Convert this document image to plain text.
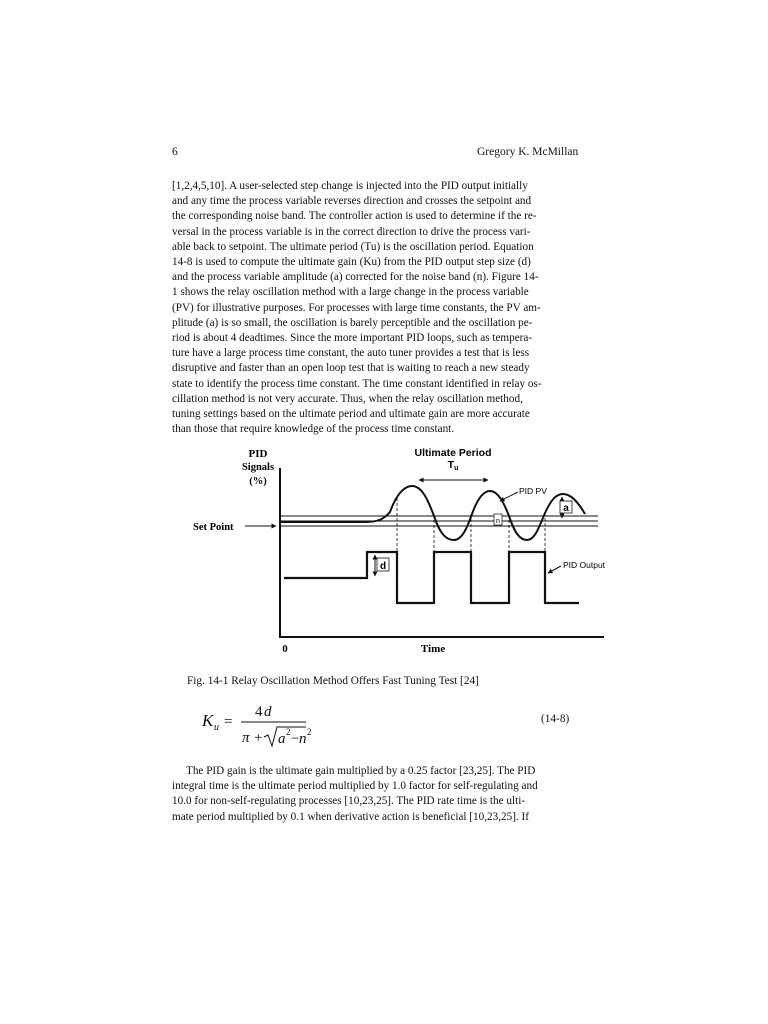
6	Gregory K. McMillan
[1,2,4,5,10]. A user-selected step change is injected into the PID output initially
and any time the process variable reverses direction and crosses the setpoint and
the corresponding noise band. The controller action is used to determine if the re-
versal in the process variable is in the correct direction to drive the process vari-
able back to setpoint. The ultimate period (Tu) is the oscillation period. Equation
14-8 is used to compute the ultimate gain (Ku) from the PID output step size (d)
and the process variable amplitude (a) corrected for the noise band (n). Figure 14-
1 shows the relay oscillation method with a large change in the process variable
(PV) for illustrative purposes. For processes with large time constants, the PV am-
plitude (a) is so small, the oscillation is barely perceptible and the oscillation pe-
riod is about 4 deadtimes. Since the more important PID loops, such as tempera-
ture have a large process time constant, the auto tuner provides a test that is less
disruptive and faster than an open loop test that is waiting to reach a new steady
state to identify the process time constant. The time constant identified in relay os-
cillation method is not very accurate. Thus, when the relay oscillation method,
tuning settings based on the ultimate period and ultimate gain are more accurate
than those that require knowledge of the process time constant.
PID
Signals
(%)
Set Point
Ultimate Period
Tu
PID PV
a
n
d	PID Output
0	Time
K u =
4 d
π + a 2 − n 2
Fig. 14-1 Relay Oscillation Method Offers Fast Tuning Test [24]
(14-8)
The PID gain is the ultimate gain multiplied by a 0.25 factor [23,25]. The PID
integral time is the ultimate period multiplied by 1.0 factor for self-regulating and
10.0 for non-self-regulating processes [10,23,25]. The PID rate time is the ulti-
mate period multiplied by 0.1 when derivative action is beneficial [10,23,25]. If
